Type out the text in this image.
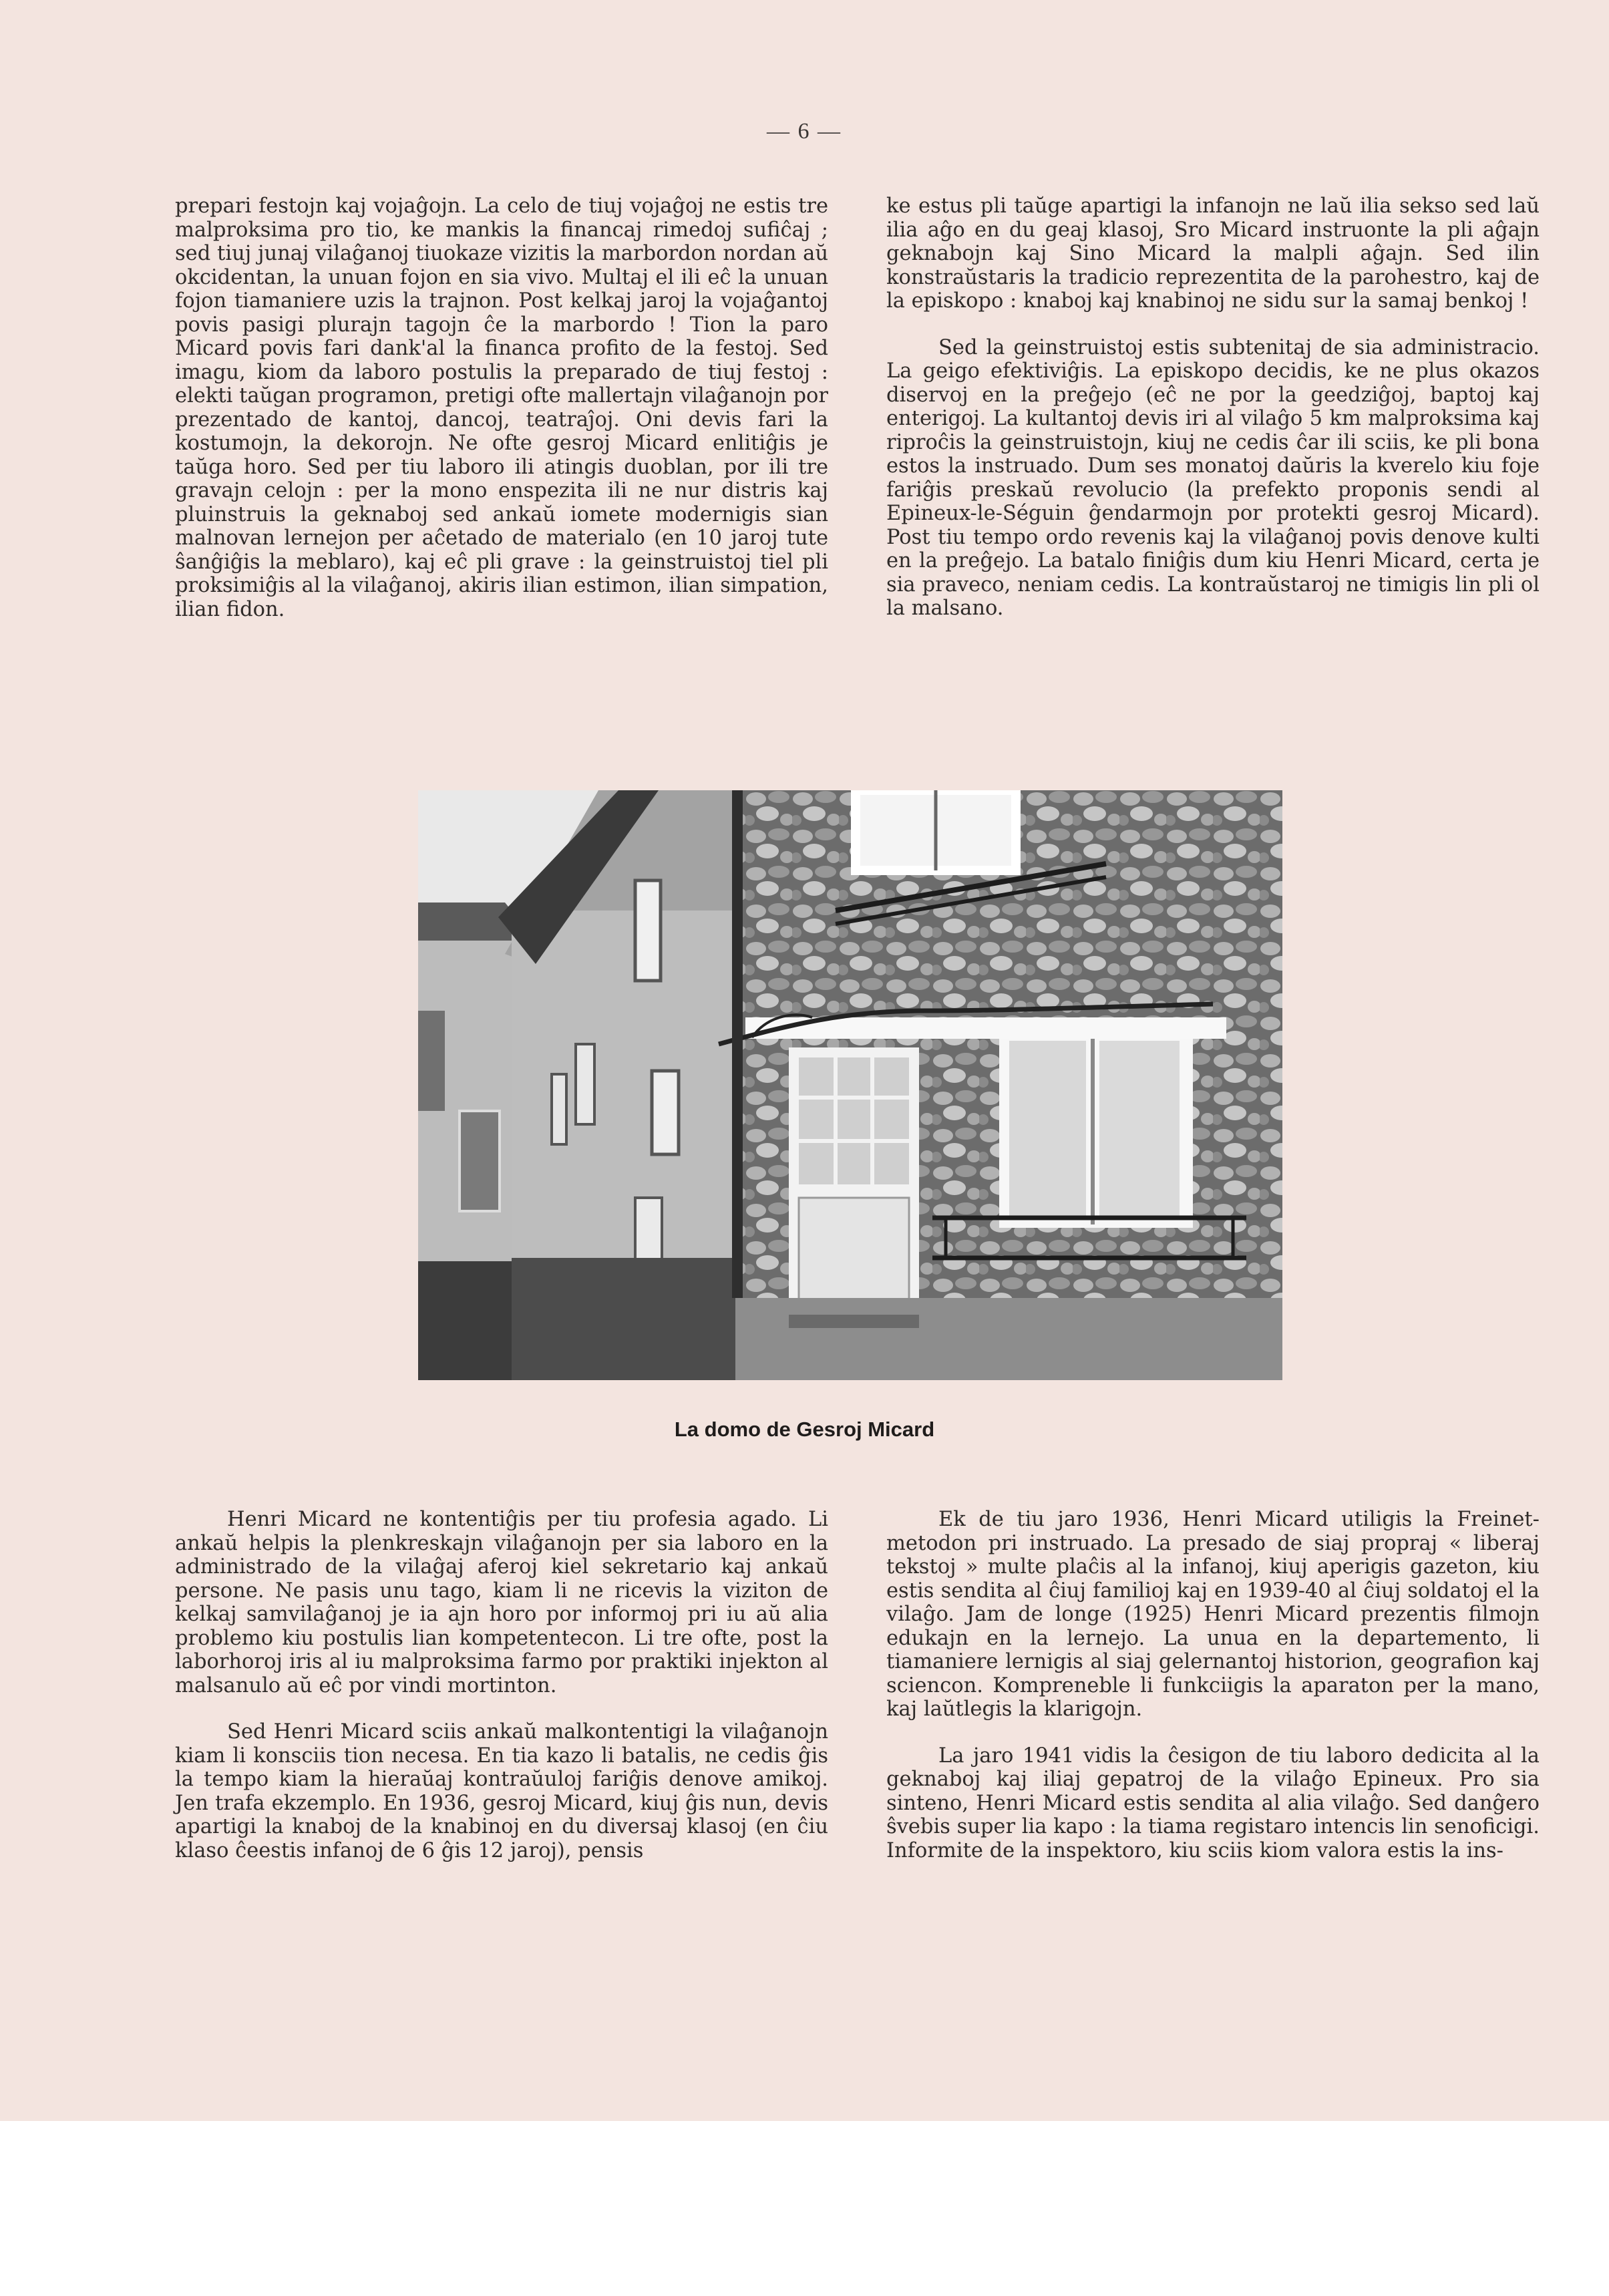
— 6 —

prepari festojn kaj vojaĝojn. La celo de tiuj vojaĝoj ne estis tre malproksima pro tio, ke mankis la financaj rimedoj sufiĉaj ; sed tiuj junaj vilaĝanoj tiuokaze vizitis la marbordon nordan aŭ okcidentan, la unuan fojon en sia vivo. Multaj el ili eĉ la unuan fojon tiamaniere uzis la trajnon. Post kelkaj jaroj la vojaĝantoj povis pasigi plurajn tagojn ĉe la marbordo ! Tion la paro Micard povis fari dank'al la financa profito de la festoj. Sed imagu, kiom da laboro postulis la preparado de tiuj festoj : elekti taŭgan programon, pretigi ofte mallertajn vilaĝanojn por prezentado de kantoj, dancoj, teatraĵoj. Oni devis fari la kostumojn, la dekorojn. Ne ofte gesroj Micard enlitiĝis je taŭga horo. Sed per tiu laboro ili atingis duoblan, por ili tre gravajn celojn : per la mono enspezita ili ne nur distris kaj pluinstruis la geknaboj sed ankaŭ iomete modernigis sian malnovan lernejon per aĉetado de materialo (en 10 jaroj tute ŝanĝiĝis la meblaro), kaj eĉ pli grave : la geinstruistoj tiel pli proksimiĝis al la vilaĝanoj, akiris ilian estimon, ilian simpation, ilian fidon.

ke estus pli taŭge apartigi la infanojn ne laŭ ilia sekso sed laŭ ilia aĝo en du geaj klasoj, Sro Micard instruonte la pli aĝajn geknabojn kaj Sino Micard la malpli aĝajn. Sed ilin konstraŭstaris la tradicio reprezentita de la parohestro, kaj de la episkopo : knaboj kaj knabinoj ne sidu sur la samaj benkoj !

Sed la geinstruistoj estis subtenitaj de sia administracio. La geigo efektiviĝis. La episkopo decidis, ke ne plus okazos diservoj en la preĝejo (eĉ ne por la geedziĝoj, baptoj kaj enterigoj. La kultantoj devis iri al vilaĝo 5 km malproksima kaj riproĉis la geinstruistojn, kiuj ne cedis ĉar ili sciis, ke pli bona estos la instruado. Dum ses monatoj daŭris la kverelo kiu foje fariĝis preskaŭ revolucio (la prefekto proponis sendi al Epineux-le-Séguin ĝendarmojn por protekti gesroj Micard). Post tiu tempo ordo revenis kaj la vilaĝanoj povis denove kulti en la preĝejo. La batalo finiĝis dum kiu Henri Micard, certa je sia praveco, neniam cedis. La kontraŭstaroj ne timigis lin pli ol la malsano.

La domo de Gesroj Micard

Henri Micard ne kontentiĝis per tiu profesia agado. Li ankaŭ helpis la plenkreskajn vilaĝanojn per sia laboro en la administrado de la vilaĝaj aferoj kiel sekretario kaj ankaŭ persone. Ne pasis unu tago, kiam li ne ricevis la viziton de kelkaj samvilaĝanoj je ia ajn horo por informoj pri iu aŭ alia problemo kiu postulis lian kompetentecon. Li tre ofte, post la laborhoroj iris al iu malproksima farmo por praktiki injekton al malsanulo aŭ eĉ por vindi mortinton.

Sed Henri Micard sciis ankaŭ malkontentigi la vilaĝanojn kiam li konsciis tion necesa. En tia kazo li batalis, ne cedis ĝis la tempo kiam la hieraŭaj kontraŭuloj fariĝis denove amikoj. Jen trafa ekzemplo. En 1936, gesroj Micard, kiuj ĝis nun, devis apartigi la knaboj de la knabinoj en du diversaj klasoj (en ĉiu klaso ĉeestis infanoj de 6 ĝis 12 jaroj), pensis

Ek de tiu jaro 1936, Henri Micard utiligis la Freinet-metodon pri instruado. La presado de siaj propraj « liberaj tekstoj » multe plaĉis al la infanoj, kiuj aperigis gazeton, kiu estis sendita al ĉiuj familioj kaj en 1939-40 al ĉiuj soldatoj el la vilaĝo. Jam de longe (1925) Henri Micard prezentis filmojn edukajn en la lernejo. La unua en la departemento, li tiamaniere lernigis al siaj gelernantoj historion, geografion kaj sciencon. Kompreneble li funkciigis la aparaton per la mano, kaj laŭtlegis la klarigojn.

La jaro 1941 vidis la ĉesigon de tiu laboro dedicita al la geknaboj kaj iliaj gepatroj de la vilaĝo Epineux. Pro sia sinteno, Henri Micard estis sendita al alia vilaĝo. Sed danĝero ŝvebis super lia kapo : la tiama registaro intencis lin senoficigi. Informite de la inspektoro, kiu sciis kiom valora estis la ins-
